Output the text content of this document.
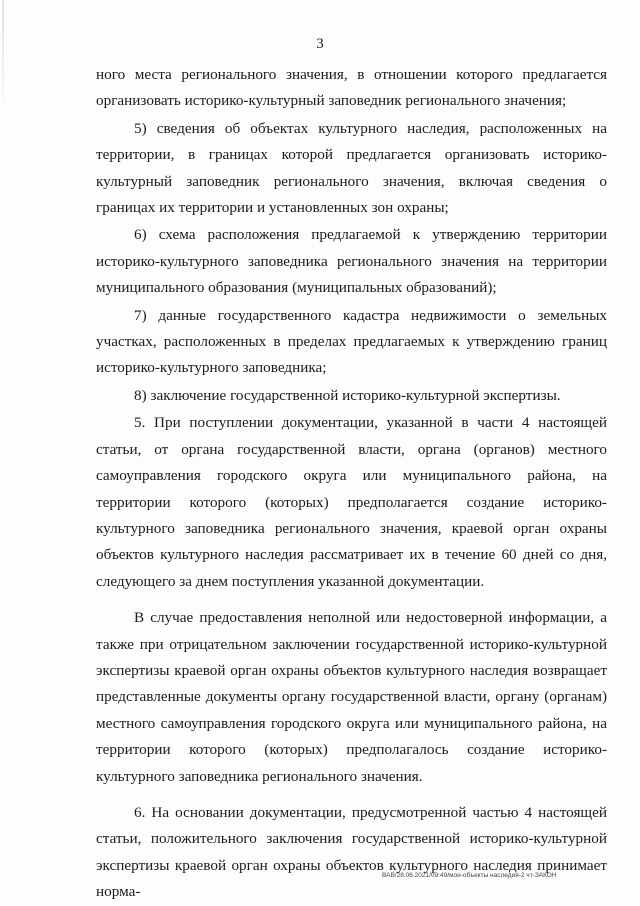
3

ного места регионального значения, в отношении которого предлагается организовать историко-культурный заповедник регионального значения;

5) сведения об объектах культурного наследия, расположенных на территории, в границах которой предлагается организовать историко-культурный заповедник регионального значения, включая сведения о границах их территории и установленных зон охраны;

6) схема расположения предлагаемой к утверждению территории историко-культурного заповедника регионального значения на территории муниципального образования (муниципальных образований);

7) данные государственного кадастра недвижимости о земельных участках, расположенных в пределах предлагаемых к утверждению границ историко-культурного заповедника;

8) заключение государственной историко-культурной экспертизы.

5. При поступлении документации, указанной в части 4 настоящей статьи, от органа государственной власти, органа (органов) местного самоуправления городского округа или муниципального района, на территории которого (которых) предполагается создание историко-культурного заповедника регионального значения, краевой орган охраны объектов культурного наследия рассматривает их в течение 60 дней со дня, следующего за днем поступления указанной документации.

В случае предоставления неполной или недостоверной информации, а также при отрицательном заключении государственной историко-культурной экспертизы краевой орган охраны объектов культурного наследия возвращает представленные документы органу государственной власти, органу (органам) местного самоуправления городского округа или муниципального района, на территории которого (которых) предполагалось создание историко-культурного заповедника регионального значения.

6. На основании документации, предусмотренной частью 4 настоящей статьи, положительного заключения государственной историко-культурной экспертизы краевой орган охраны объектов культурного наследия принимает норма-

ВАВ/28.06.2021/09:49/мои-объекты наследия-2 чт-ЗАКОН
